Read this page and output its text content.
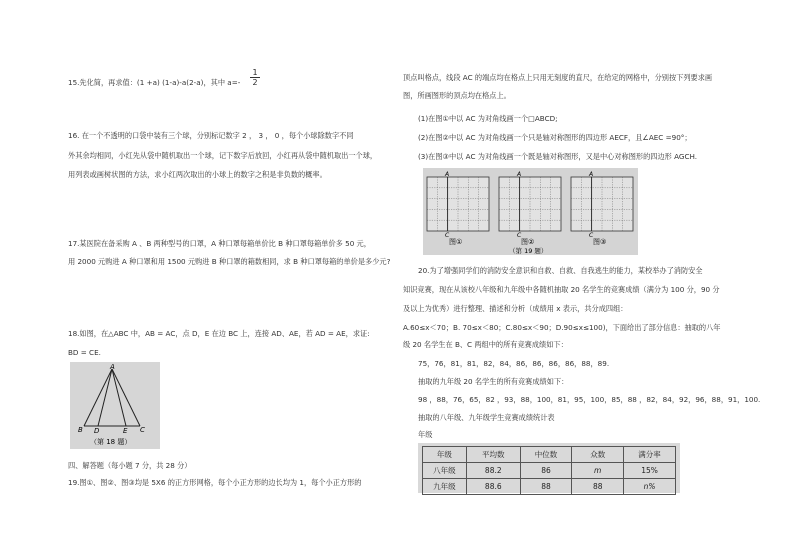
15.先化简，再求值：(1 +a) (1-a)-a(2-a)，其中 $a=- \frac{1}{2}$
16. 在一个不透明的口袋中装有三个球，分别标记数字 2 ， 3 ， 0 ，每个小球除数字不同
外其余均相同，小红先从袋中随机取出一个球，记下数字后放回，小红再从袋中随机取出一个球，
用列表或画树状图的方法，求小红两次取出的小球上的数字之积是非负数的概率。
17.某医院在备采购 A 、B 两种型号的口罩，A 种口罩每箱单价比 B 种口罩每箱单价多 50 元，
用 2000 元购进 A 种口罩和用 1500 元购进 B 种口罩的箱数相同，求 B 种口罩每箱的单价是多少元?
18.如图，在△ABC 中，AB = AC，点 D，E 在边 BC 上，连接 AD、AE，若 AD = AE，求证:
BD = CE.
A
B D	E C
（第 18 题）
四、解答题（每小题 7 分，共 28 分）
19.图①、图②、图③均是 5X6 的正方形网格，每个小正方形的边长均为 1，每个小正方形的
顶点叫格点，线段 AC 的端点均在格点上只用无刻度的直尺，在给定的网格中，分别按下列要求画
图，所画图形的顶点均在格点上。
(1)在图①中以 AC 为对角线画一个□ABCD;
(2)在图②中以 AC 为对角线画一个只是轴对称图形的四边形 AECF，且∠AEC =90°；
(3)在图③中以 AC 为对角线画一个既是轴对称图形，又是中心对称图形的四边形 AGCH.
A
C
A
C
A
C
图①	图②	图③
（第 19 题）
20.为了增强同学们的消防安全意识和自救、自救、自我逃生的能力，某校举办了消防安全
知识竞赛，现在从该校八年级和九年级中各随机抽取 20 名学生的竞赛成绩（满分为 100 分，90 分
及以上为优秀）进行整理、描述和分析（成绩用 x 表示，共分成四组：
A.60≤x＜70；B. 70≤x＜80；C.80≤x＜90；D.90≤x≤100)，下面给出了部分信息：抽取的八年
级 20 名学生在 B、C 两组中的所有竞赛成绩如下：
75，76，81，81，82，84，86，86，86，86，88，89.
抽取的九年级 20 名学生的所有竞赛成绩如下：
98 ，88，76，65，82 ，93，88，100，81，95，100，85，88 ，82，84，92，96，88，91，100.
抽取的八年级、九年级学生竞赛成绩统计表
年级
年级	平均数	中位数	众数	满分率
八年级	88.2	86	m	15%
九年级	88.6	88	88	n%
